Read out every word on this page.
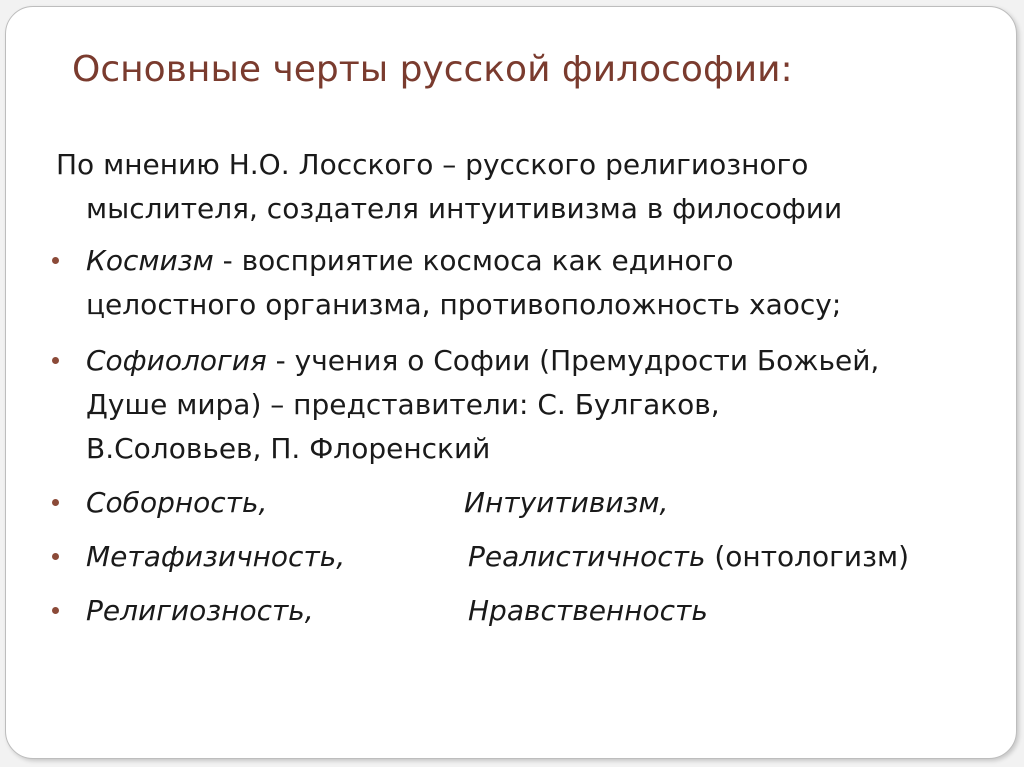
Основные черты русской философии:
По мнению Н.О. Лосского – русского религиозного
мыслителя, создателя интуитивизма в философии
Космизм - восприятие космоса как единого
целостного организма, противоположность хаосу;
Софиология - учения о Софии (Премудрости Божьей,
Душе мира) – представители: С. Булгаков,
В.Соловьев, П. Флоренский
Соборность,	Интуитивизм,
Метафизичность,	Реалистичность (онтологизм)
Религиозность,	Нравственность
